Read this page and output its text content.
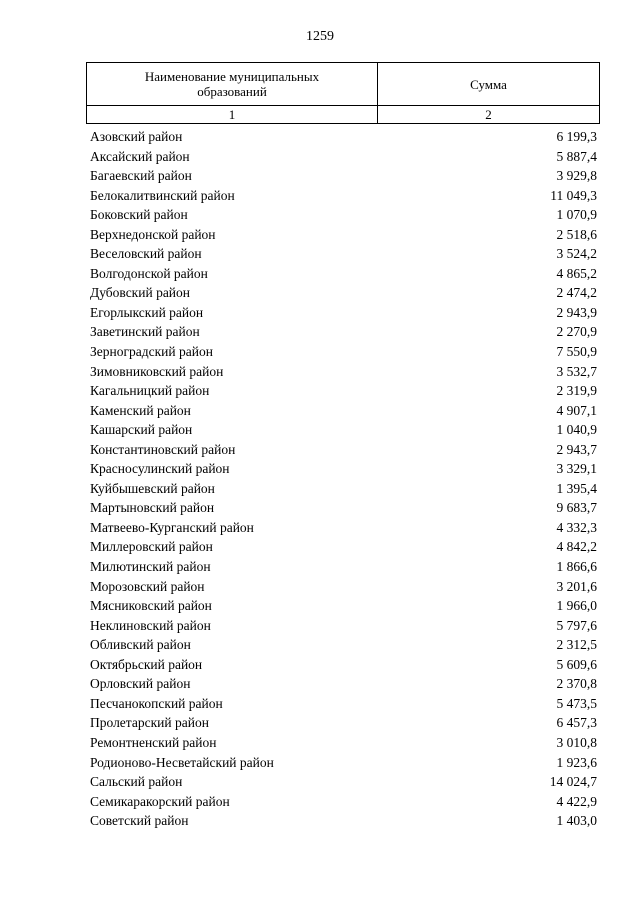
1259
Наименование муниципальных образований	Сумма
1	2
Азовский район	6 199,3
Аксайский район	5 887,4
Багаевский район	3 929,8
Белокалитвинский район	11 049,3
Боковский район	1 070,9
Верхнедонской район	2 518,6
Веселовский район	3 524,2
Волгодонской район	4 865,2
Дубовский район	2 474,2
Егорлыкский район	2 943,9
Заветинский район	2 270,9
Зерноградский район	7 550,9
Зимовниковский район	3 532,7
Кагальницкий район	2 319,9
Каменский район	4 907,1
Кашарский район	1 040,9
Константиновский район	2 943,7
Красносулинский район	3 329,1
Куйбышевский район	1 395,4
Мартыновский район	9 683,7
Матвеево-Курганский район	4 332,3
Миллеровский район	4 842,2
Милютинский район	1 866,6
Морозовский район	3 201,6
Мясниковский район	1 966,0
Неклиновский район	5 797,6
Обливский район	2 312,5
Октябрьский район	5 609,6
Орловский район	2 370,8
Песчанокопский район	5 473,5
Пролетарский район	6 457,3
Ремонтненский район	3 010,8
Родионово-Несветайский район	1 923,6
Сальский район	14 024,7
Семикаракорский район	4 422,9
Советский район	1 403,0
